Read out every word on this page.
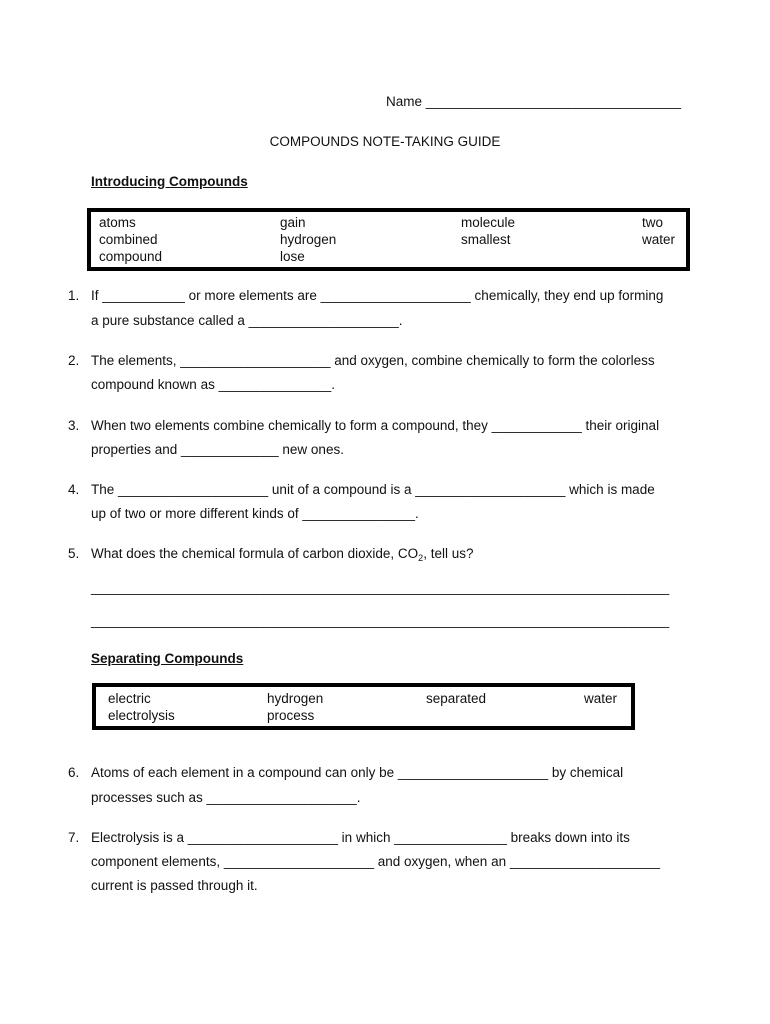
Name __________________________________
COMPOUNDS NOTE-TAKING GUIDE
Introducing Compounds
atoms
combined
compound
gain
hydrogen
lose
molecule
smallest
two
water
1. If ___________ or more elements are ____________________ chemically, they end up forming
a pure substance called a ____________________.
2. The elements, ____________________ and oxygen, combine chemically to form the colorless
compound known as _______________.
3. When two elements combine chemically to form a compound, they ____________ their original
properties and _____________ new ones.
4. The ____________________ unit of a compound is a ____________________ which is made
up of two or more different kinds of _______________.
5. What does the chemical formula of carbon dioxide, $CO_2$, tell us?
_____________________________________________________________________________
_____________________________________________________________________________
Separating Compounds
electric
electrolysis
hydrogen
process
separated	water
6. Atoms of each element in a compound can only be ____________________ by chemical
processes such as ____________________.
7. Electrolysis is a ____________________ in which _______________ breaks down into its
component elements, ____________________ and oxygen, when an ____________________
current is passed through it.
